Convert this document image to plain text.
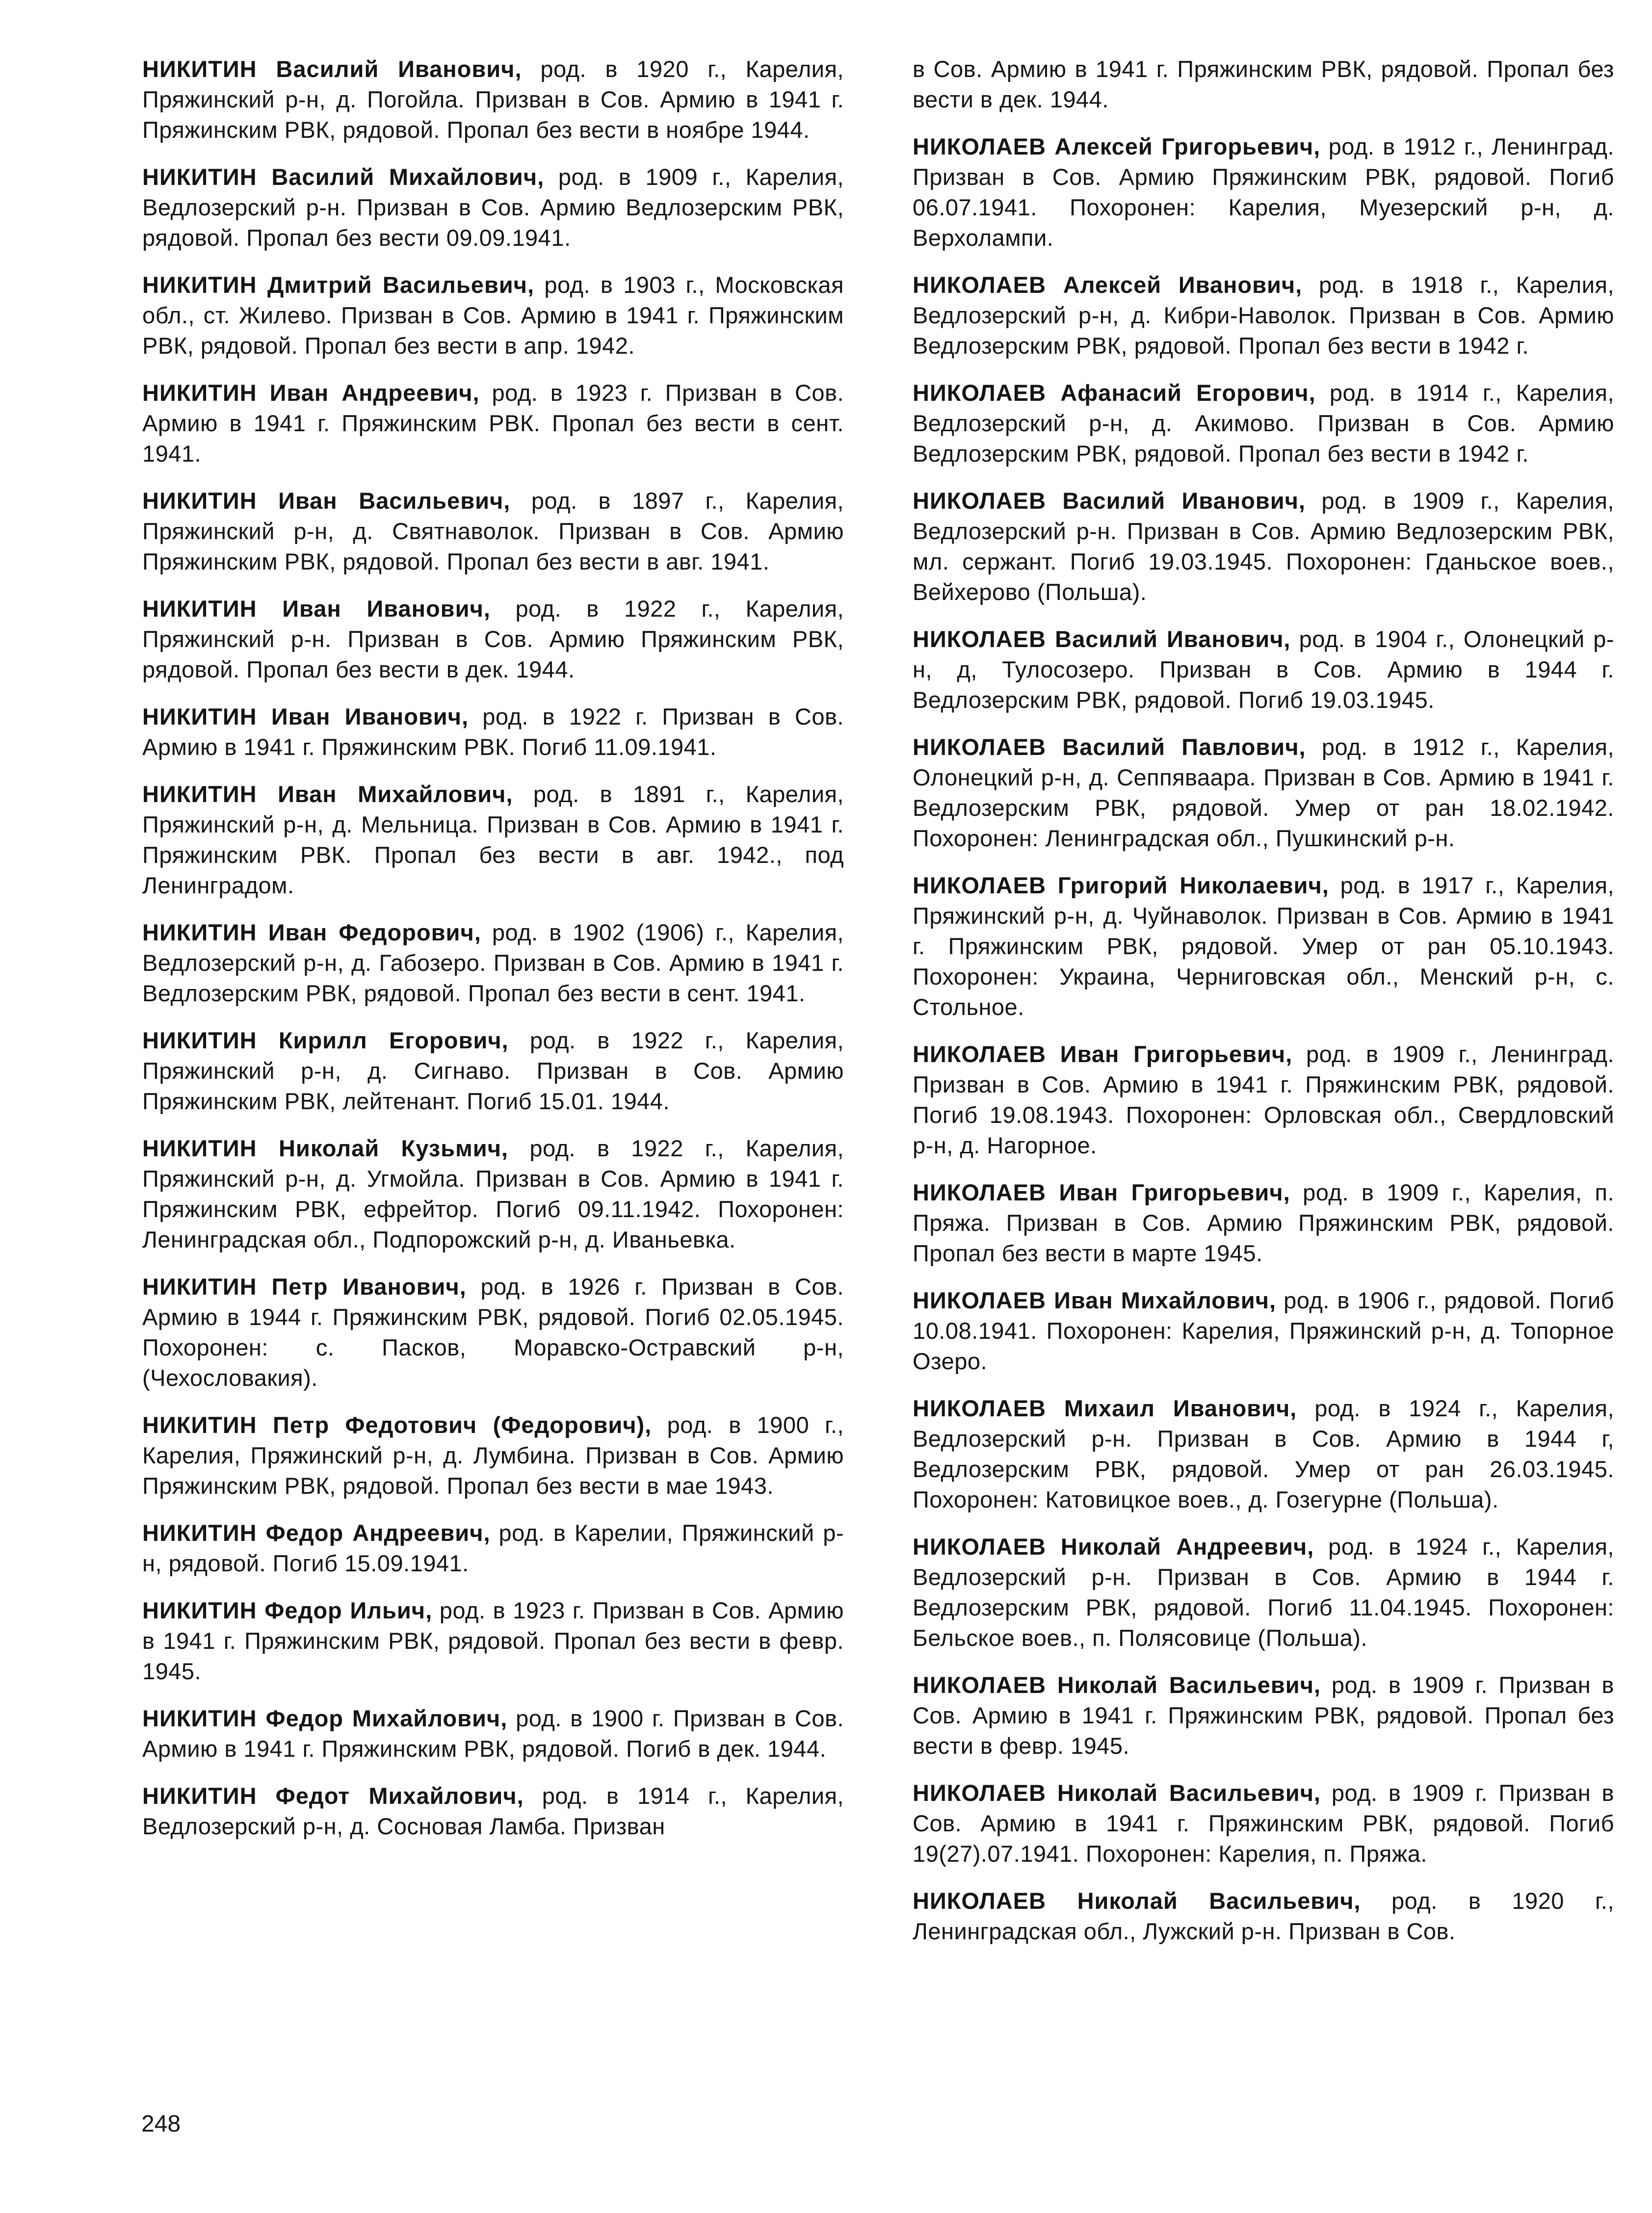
НИКИТИН Василий Иванович, род. в 1920 г., Карелия, Пряжинский р-н, д. Погойла. Призван в Сов. Армию в 1941 г. Пряжинским РВК, рядовой. Пропал без вести в ноябре 1944.

НИКИТИН Василий Михайлович, род. в 1909 г., Карелия, Ведлозерский р-н. Призван в Сов. Армию Ведлозерским РВК, рядовой. Пропал без вести 09.09.1941.

НИКИТИН Дмитрий Васильевич, род. в 1903 г., Московская обл., ст. Жилево. Призван в Сов. Армию в 1941 г. Пряжинским РВК, рядовой. Пропал без вести в апр. 1942.

НИКИТИН Иван Андреевич, род. в 1923 г. Призван в Сов. Армию в 1941 г. Пряжинским РВК. Пропал без вести в сент. 1941.

НИКИТИН Иван Васильевич, род. в 1897 г., Карелия, Пряжинский р-н, д. Святнаволок. Призван в Сов. Армию Пряжинским РВК, рядовой. Пропал без вести в авг. 1941.

НИКИТИН Иван Иванович, род. в 1922 г., Карелия, Пряжинский р-н. Призван в Сов. Армию Пряжинским РВК, рядовой. Пропал без вести в дек. 1944.

НИКИТИН Иван Иванович, род. в 1922 г. Призван в Сов. Армию в 1941 г. Пряжинским РВК. Погиб 11.09.1941.

НИКИТИН Иван Михайлович, род. в 1891 г., Карелия, Пряжинский р-н, д. Мельница. Призван в Сов. Армию в 1941 г. Пряжинским РВК. Пропал без вести в авг. 1942., под Ленинградом.

НИКИТИН Иван Федорович, род. в 1902 (1906) г., Карелия, Ведлозерский р-н, д. Габозеро. Призван в Сов. Армию в 1941 г. Ведлозерским РВК, рядовой. Пропал без вести в сент. 1941.

НИКИТИН Кирилл Егорович, род. в 1922 г., Карелия, Пряжинский р-н, д. Сигнаво. Призван в Сов. Армию Пряжинским РВК, лейтенант. Погиб 15.01. 1944.

НИКИТИН Николай Кузьмич, род. в 1922 г., Карелия, Пряжинский р-н, д. Угмойла. Призван в Сов. Армию в 1941 г. Пряжинским РВК, ефрейтор. Погиб 09.11.1942. Похоронен: Ленинградская обл., Подпорожский р-н, д. Иваньевка.

НИКИТИН Петр Иванович, род. в 1926 г. Призван в Сов. Армию в 1944 г. Пряжинским РВК, рядовой. Погиб 02.05.1945. Похоронен: с. Пасков, Моравско-Остравский р-н, (Чехословакия).

НИКИТИН Петр Федотович (Федорович), род. в 1900 г., Карелия, Пряжинский р-н, д. Лумбина. Призван в Сов. Армию Пряжинским РВК, рядовой. Пропал без вести в мае 1943.

НИКИТИН Федор Андреевич, род. в Карелии, Пряжинский р-н, рядовой. Погиб 15.09.1941.

НИКИТИН Федор Ильич, род. в 1923 г. Призван в Сов. Армию в 1941 г. Пряжинским РВК, рядовой. Пропал без вести в февр. 1945.

НИКИТИН Федор Михайлович, род. в 1900 г. Призван в Сов. Армию в 1941 г. Пряжинским РВК, рядовой. Погиб в дек. 1944.

НИКИТИН Федот Михайлович, род. в 1914 г., Карелия, Ведлозерский р-н, д. Сосновая Ламба. Призван

в Сов. Армию в 1941 г. Пряжинским РВК, рядовой. Пропал без вести в дек. 1944.

НИКОЛАЕВ Алексей Григорьевич, род. в 1912 г., Ленинград. Призван в Сов. Армию Пряжинским РВК, рядовой. Погиб 06.07.1941. Похоронен: Карелия, Муезерский р-н, д. Верхолампи.

НИКОЛАЕВ Алексей Иванович, род. в 1918 г., Карелия, Ведлозерский р-н, д. Кибри-Наволок. Призван в Сов. Армию Ведлозерским РВК, рядовой. Пропал без вести в 1942 г.

НИКОЛАЕВ Афанасий Егорович, род. в 1914 г., Карелия, Ведлозерский р-н, д. Акимово. Призван в Сов. Армию Ведлозерским РВК, рядовой. Пропал без вести в 1942 г.

НИКОЛАЕВ Василий Иванович, род. в 1909 г., Карелия, Ведлозерский р-н. Призван в Сов. Армию Ведлозерским РВК, мл. сержант. Погиб 19.03.1945. Похоронен: Гданьское воев., Вейхерово (Польша).

НИКОЛАЕВ Василий Иванович, род. в 1904 г., Олонецкий р-н, д, Тулосозеро. Призван в Сов. Армию в 1944 г. Ведлозерским РВК, рядовой. Погиб 19.03.1945.

НИКОЛАЕВ Василий Павлович, род. в 1912 г., Карелия, Олонецкий р-н, д. Сеппяваара. Призван в Сов. Армию в 1941 г. Ведлозерским РВК, рядовой. Умер от ран 18.02.1942. Похоронен: Ленинградская обл., Пушкинский р-н.

НИКОЛАЕВ Григорий Николаевич, род. в 1917 г., Карелия, Пряжинский р-н, д. Чуйнаволок. Призван в Сов. Армию в 1941 г. Пряжинским РВК, рядовой. Умер от ран 05.10.1943. Похоронен: Украина, Черниговская обл., Менский р-н, с. Стольное.

НИКОЛАЕВ Иван Григорьевич, род. в 1909 г., Ленинград. Призван в Сов. Армию в 1941 г. Пряжинским РВК, рядовой. Погиб 19.08.1943. Похоронен: Орловская обл., Свердловский р-н, д. Нагорное.

НИКОЛАЕВ Иван Григорьевич, род. в 1909 г., Карелия, п. Пряжа. Призван в Сов. Армию Пряжинским РВК, рядовой. Пропал без вести в марте 1945.

НИКОЛАЕВ Иван Михайлович, род. в 1906 г., рядовой. Погиб 10.08.1941. Похоронен: Карелия, Пряжинский р-н, д. Топорное Озеро.

НИКОЛАЕВ Михаил Иванович, род. в 1924 г., Карелия, Ведлозерский р-н. Призван в Сов. Армию в 1944 г, Ведлозерским РВК, рядовой. Умер от ран 26.03.1945. Похоронен: Катовицкое воев., д. Гозегурне (Польша).

НИКОЛАЕВ Николай Андреевич, род. в 1924 г., Карелия, Ведлозерский р-н. Призван в Сов. Армию в 1944 г. Ведлозерским РВК, рядовой. Погиб 11.04.1945. Похоронен: Бельское воев., п. Полясовице (Польша).

НИКОЛАЕВ Николай Васильевич, род. в 1909 г. Призван в Сов. Армию в 1941 г. Пряжинским РВК, рядовой. Пропал без вести в февр. 1945.

НИКОЛАЕВ Николай Васильевич, род. в 1909 г. Призван в Сов. Армию в 1941 г. Пряжинским РВК, рядовой. Погиб 19(27).07.1941. Похоронен: Карелия, п. Пряжа.

НИКОЛАЕВ Николай Васильевич, род. в 1920 г., Ленинградская обл., Лужский р-н. Призван в Сов.

248
